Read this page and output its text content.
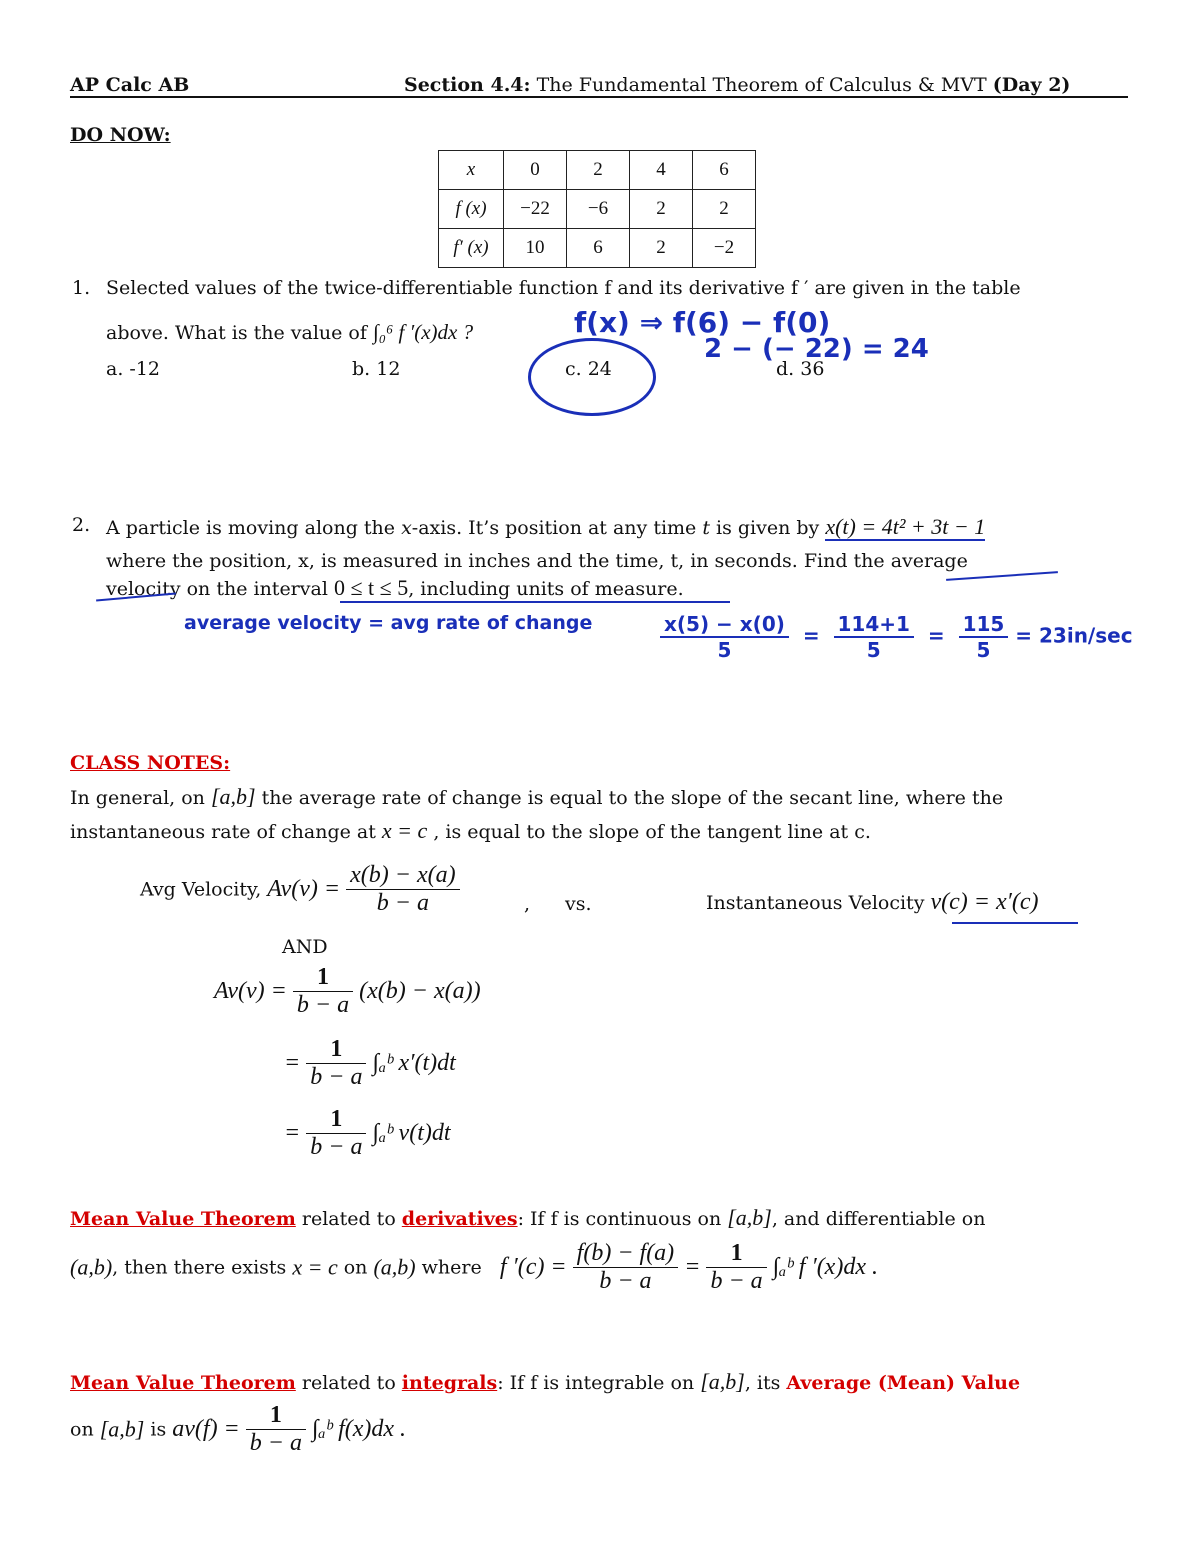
AP Calc AB	Section 4.4: The Fundamental Theorem of Calculus & MVT (Day 2)
DO NOW:
x	0	2	4	6
f (x)	−22	−6	2	2
f′ (x)	10	6	2	−2
1. Selected values of the twice-differentiable function f and its derivative f ′ are given in the table
above. What is the value of ∫₀⁶ f ′(x)dx ?
a. -12	b. 12	c. 24	d. 36
f(x) ⇒ f(6) − f(0)
2 − (− 22) = 24
2. A particle is moving along the x-axis. It’s position at any time t is given by x(t) = 4t² + 3t − 1
where the position, x, is measured in inches and the time, t, in seconds. Find the average
velocity on the interval 0 ≤ t ≤ 5, including units of measure.
average velocity = avg rate of change	$\frac{x(5) - x(0)}{5} = \frac{114+1}{5} = \frac{115}{5} = 23in/\sec$
CLASS NOTES:
In general, on [a,b] the average rate of change is equal to the slope of the secant line, where the
instantaneous rate of change at x = c , is equal to the slope of the tangent line at c.
Avg Velocity, $Av(v) = \frac{x(b) - x(a)}{b - a}$	, vs.	Instantaneous Velocity v(c) = x′(c)
AND
$Av(v) = \frac{1}{b - a} (x(b) - x(a))$
= $\frac{1}{b - a}$ ∫ₐᵇ x′(t)dt
= $\frac{1}{b - a}$ ∫ₐᵇ v(t)dt
Mean Value Theorem related to derivatives: If f is continuous on [a,b], and differentiable on
(a,b), then there exists x = c on (a,b) where   f $'(c) = \frac{f(b) - f(a)}{b - a} = \frac{1}{b - a}$ ∫ₐᵇ f ′(x)dx .
Mean Value Theorem related to integrals: If f is integrable on [a,b], its Average (Mean) Value
on [a,b] is $av(f) = \frac{1}{b - a}$ ∫ₐᵇ f(x)dx .
